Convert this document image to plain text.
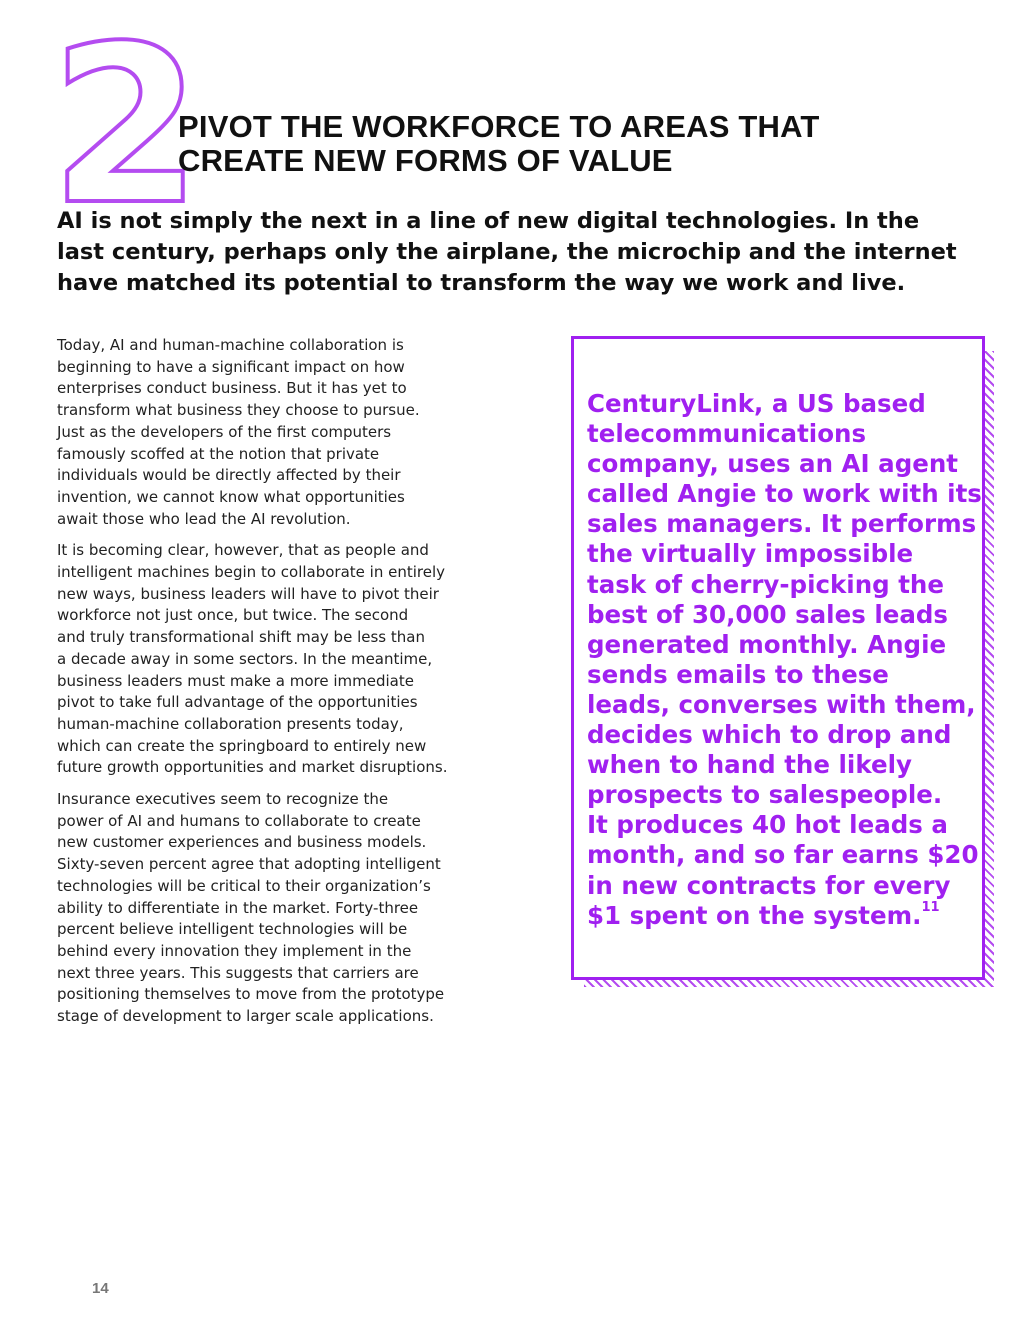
2
PIVOT THE WORKFORCE TO AREAS THAT
CREATE NEW FORMS OF VALUE

AI is not simply the next in a line of new digital technologies. In the
last century, perhaps only the airplane, the microchip and the internet
have matched its potential to transform the way we work and live.

Today, AI and human-machine collaboration is
beginning to have a significant impact on how
enterprises conduct business. But it has yet to
transform what business they choose to pursue.
Just as the developers of the first computers
famously scoffed at the notion that private
individuals would be directly affected by their
invention, we cannot know what opportunities
await those who lead the AI revolution.

It is becoming clear, however, that as people and
intelligent machines begin to collaborate in entirely
new ways, business leaders will have to pivot their
workforce not just once, but twice. The second
and truly transformational shift may be less than
a decade away in some sectors. In the meantime,
business leaders must make a more immediate
pivot to take full advantage of the opportunities
human-machine collaboration presents today,
which can create the springboard to entirely new
future growth opportunities and market disruptions.

Insurance executives seem to recognize the
power of AI and humans to collaborate to create
new customer experiences and business models.
Sixty-seven percent agree that adopting intelligent
technologies will be critical to their organization’s
ability to differentiate in the market. Forty-three
percent believe intelligent technologies will be
behind every innovation they implement in the
next three years. This suggests that carriers are
positioning themselves to move from the prototype
stage of development to larger scale applications.

CenturyLink, a US based
telecommunications
company, uses an AI agent
called Angie to work with its
sales managers. It performs
the virtually impossible
task of cherry-picking the
best of 30,000 sales leads
generated monthly. Angie
sends emails to these
leads, converses with them,
decides which to drop and
when to hand the likely
prospects to salespeople.
It produces 40 hot leads a
month, and so far earns $20
in new contracts for every
$1 spent on the system.$^{11}$

14
